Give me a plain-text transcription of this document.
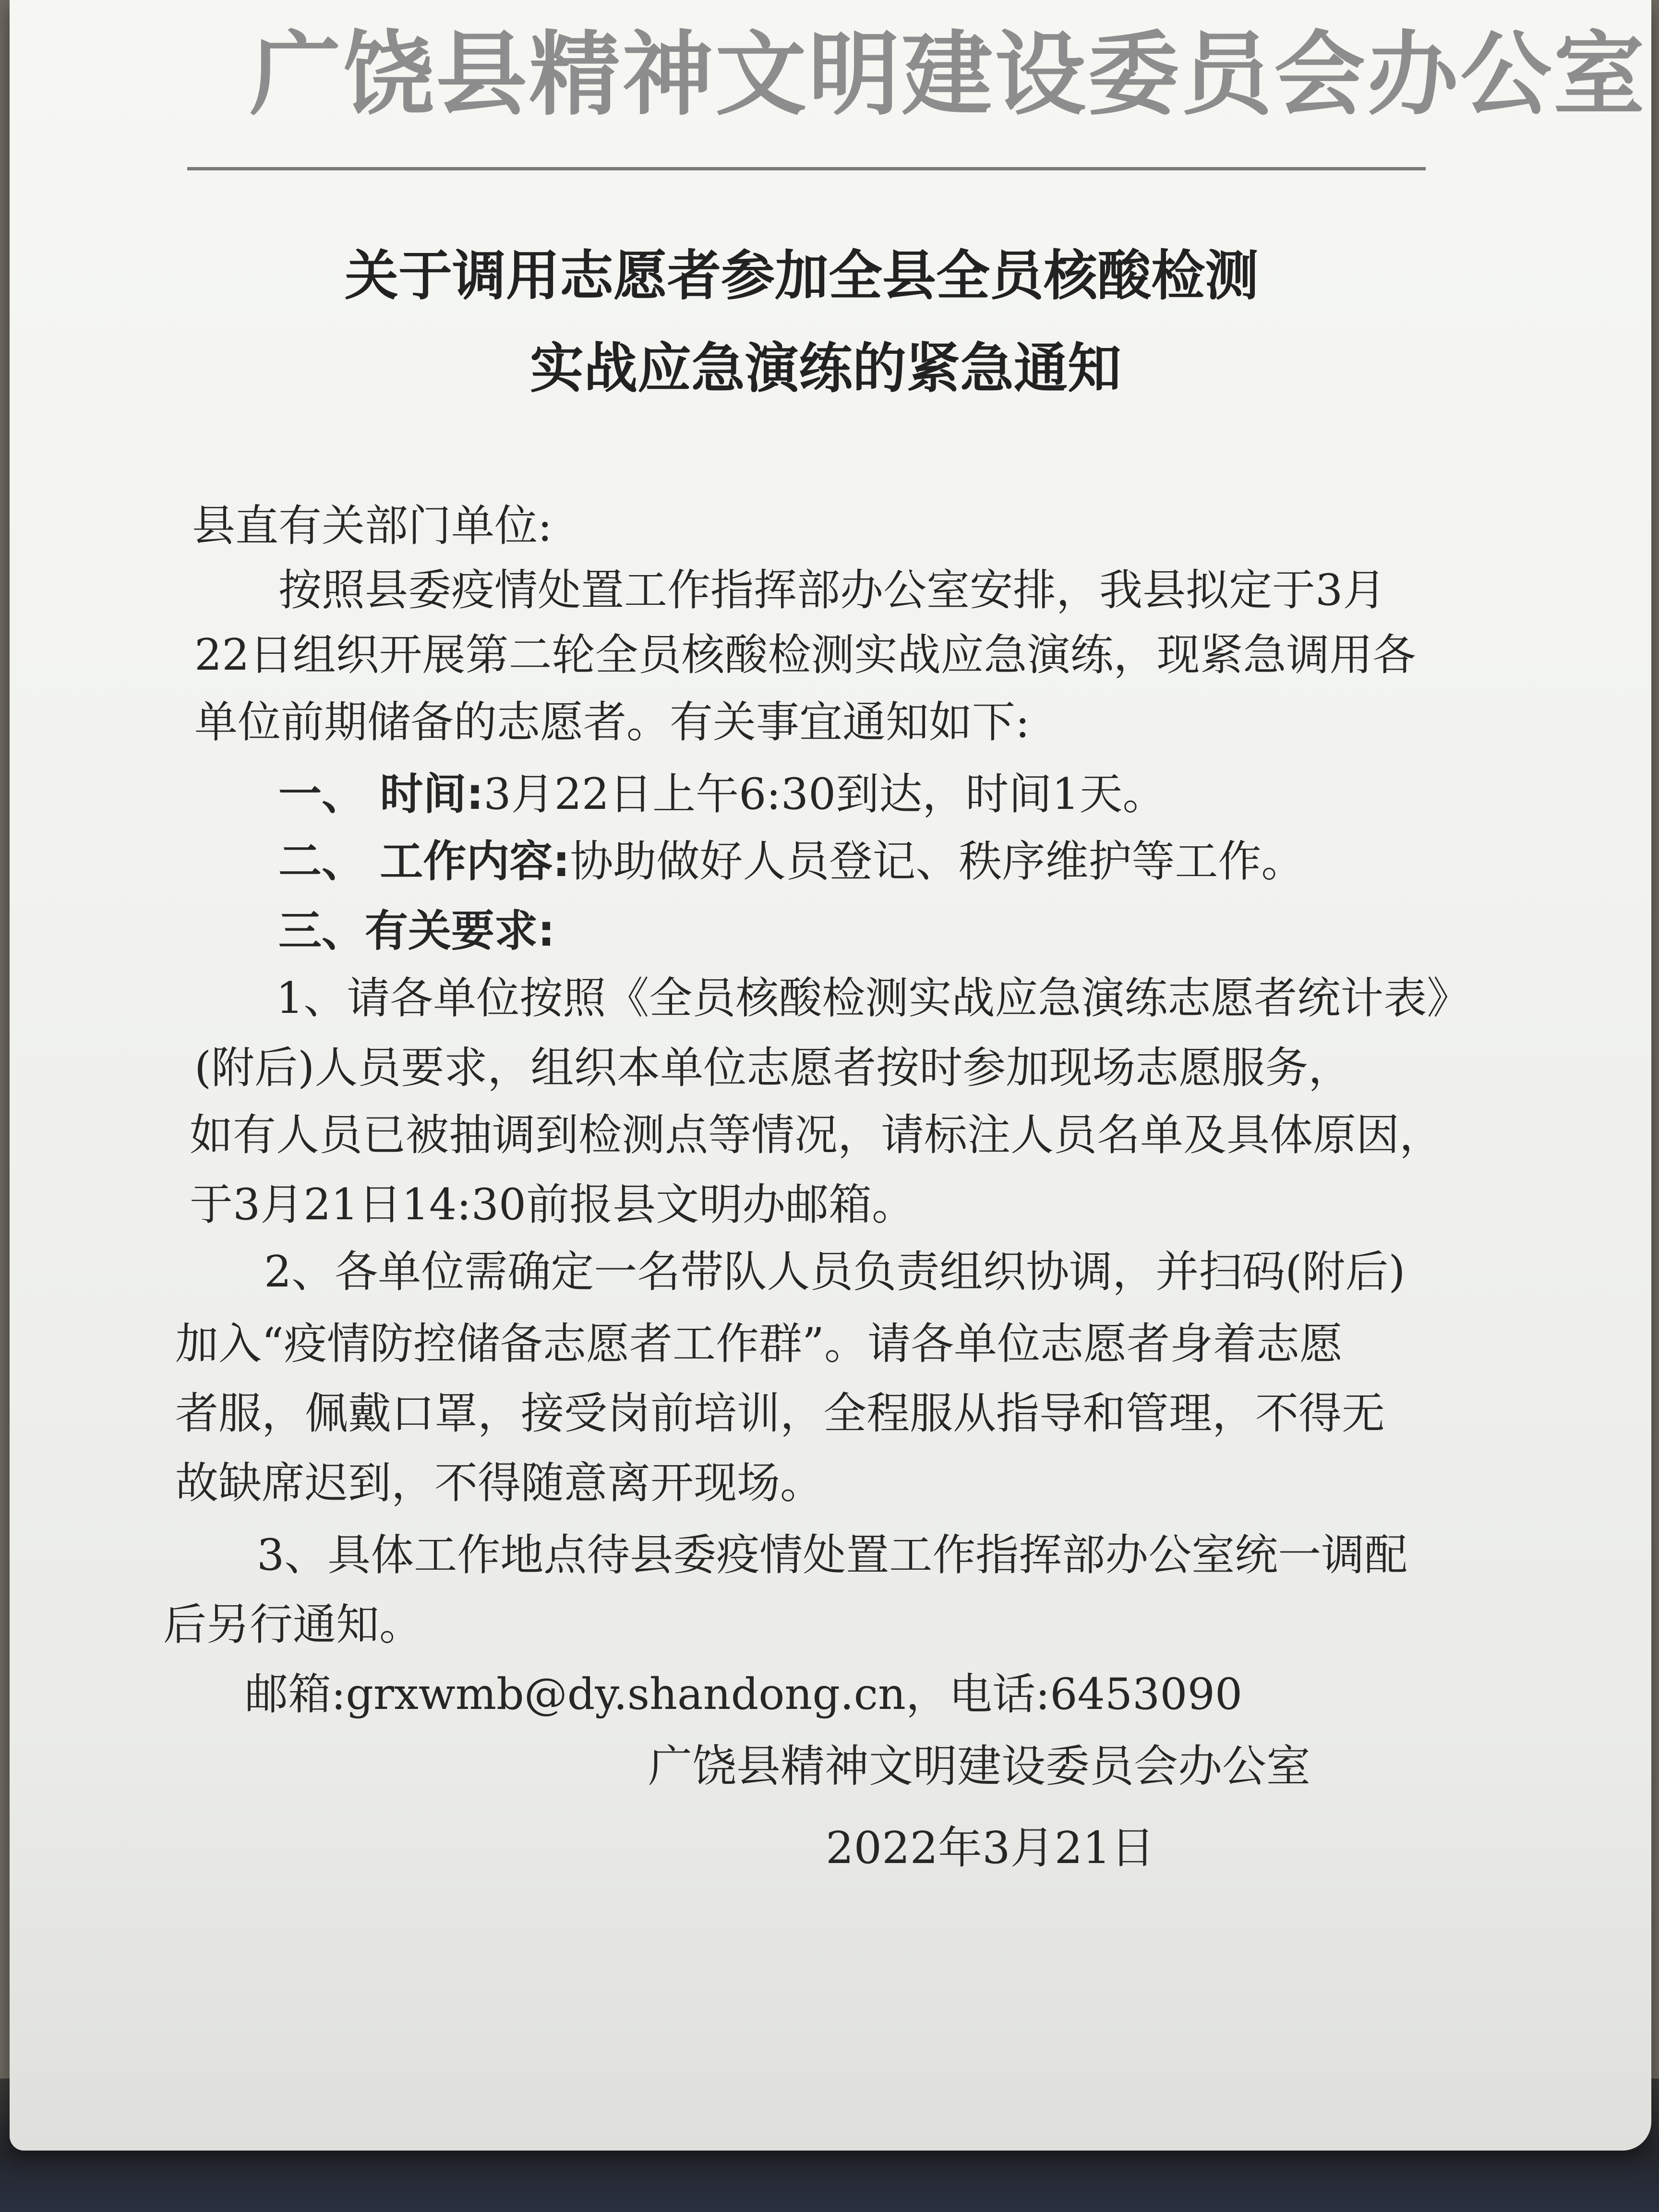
广饶县精神文明建设委员会办公室
关于调用志愿者参加全县全员核酸检测
实战应急演练的紧急通知
县直有关部门单位:
按照县委疫情处置工作指挥部办公室安排，我县拟定于3月
22日组织开展第二轮全员核酸检测实战应急演练，现紧急调用各
单位前期储备的志愿者。有关事宜通知如下:
一、 时间:3月22日上午6:30到达，时间1天。
二、 工作内容:协助做好人员登记、秩序维护等工作。
三、有关要求:
1、请各单位按照《全员核酸检测实战应急演练志愿者统计表》
(附后)人员要求，组织本单位志愿者按时参加现场志愿服务，
如有人员已被抽调到检测点等情况，请标注人员名单及具体原因，
于3月21日14:30前报县文明办邮箱。
2、各单位需确定一名带队人员负责组织协调，并扫码(附后)
加入“疫情防控储备志愿者工作群”。请各单位志愿者身着志愿
者服，佩戴口罩，接受岗前培训，全程服从指导和管理，不得无
故缺席迟到，不得随意离开现场。
3、具体工作地点待县委疫情处置工作指挥部办公室统一调配
后另行通知。
邮箱:grxwmb@dy.shandong.cn，电话:6453090
广饶县精神文明建设委员会办公室
2022年3月21日
